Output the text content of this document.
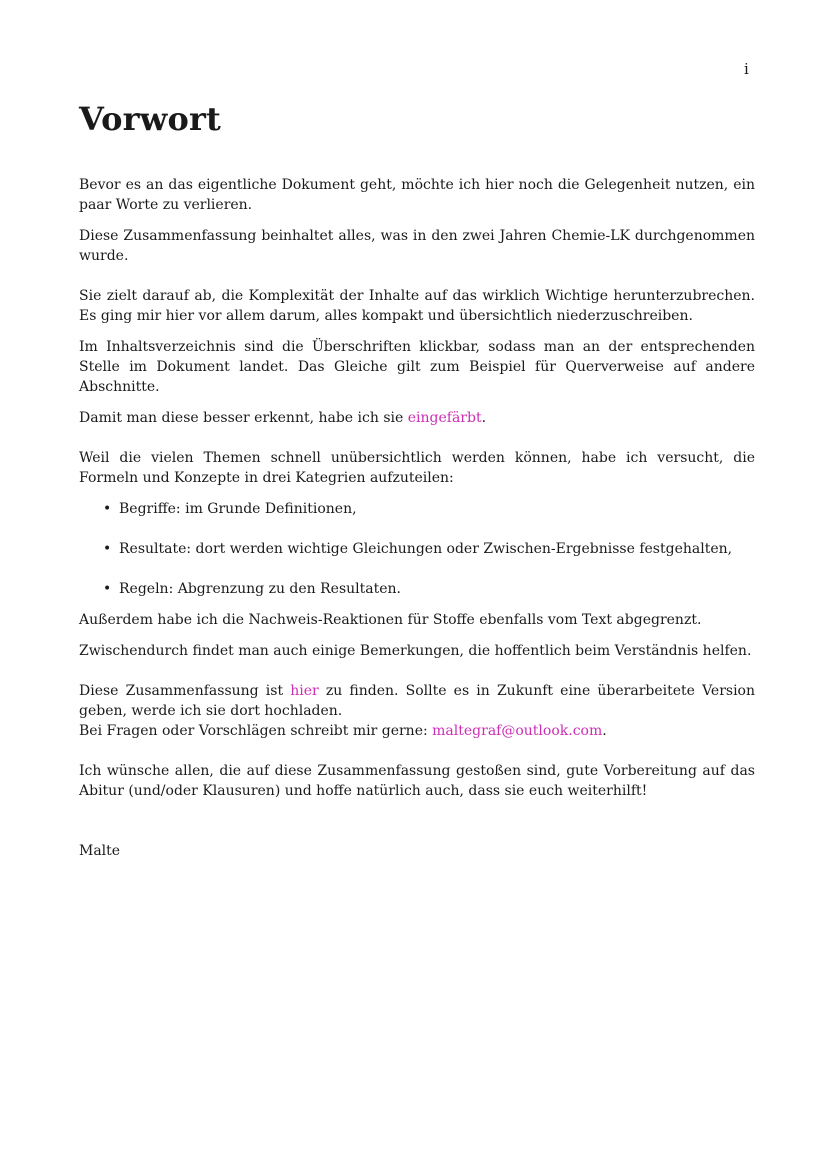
i
Vorwort

Bevor es an das eigentliche Dokument geht, möchte ich hier noch die Gelegenheit nutzen, ein paar Worte zu verlieren.

Diese Zusammenfassung beinhaltet alles, was in den zwei Jahren Chemie-LK durchgenommen wurde.

Sie zielt darauf ab, die Komplexität der Inhalte auf das wirklich Wichtige herunterzubrechen. Es ging mir hier vor allem darum, alles kompakt und übersichtlich niederzuschreiben.

Im Inhaltsverzeichnis sind die Überschriften klickbar, sodass man an der entsprechenden Stelle im Dokument landet. Das Gleiche gilt zum Beispiel für Querverweise auf andere Abschnitte.

Damit man diese besser erkennt, habe ich sie eingefärbt.

Weil die vielen Themen schnell unübersichtlich werden können, habe ich versucht, die Formeln und Konzepte in drei Kategrien aufzuteilen:

• Begriffe: im Grunde Definitionen,
• Resultate: dort werden wichtige Gleichungen oder Zwischen-Ergebnisse festgehalten,
• Regeln: Abgrenzung zu den Resultaten.

Außerdem habe ich die Nachweis-Reaktionen für Stoffe ebenfalls vom Text abgegrenzt.

Zwischendurch findet man auch einige Bemerkungen, die hoffentlich beim Verständnis helfen.

Diese Zusammenfassung ist hier zu finden. Sollte es in Zukunft eine überarbeitete Version geben, werde ich sie dort hochladen.
Bei Fragen oder Vorschlägen schreibt mir gerne: maltegraf@outlook.com.

Ich wünsche allen, die auf diese Zusammenfassung gestoßen sind, gute Vorbereitung auf das Abitur (und/oder Klausuren) und hoffe natürlich auch, dass sie euch weiterhilft!

Malte
